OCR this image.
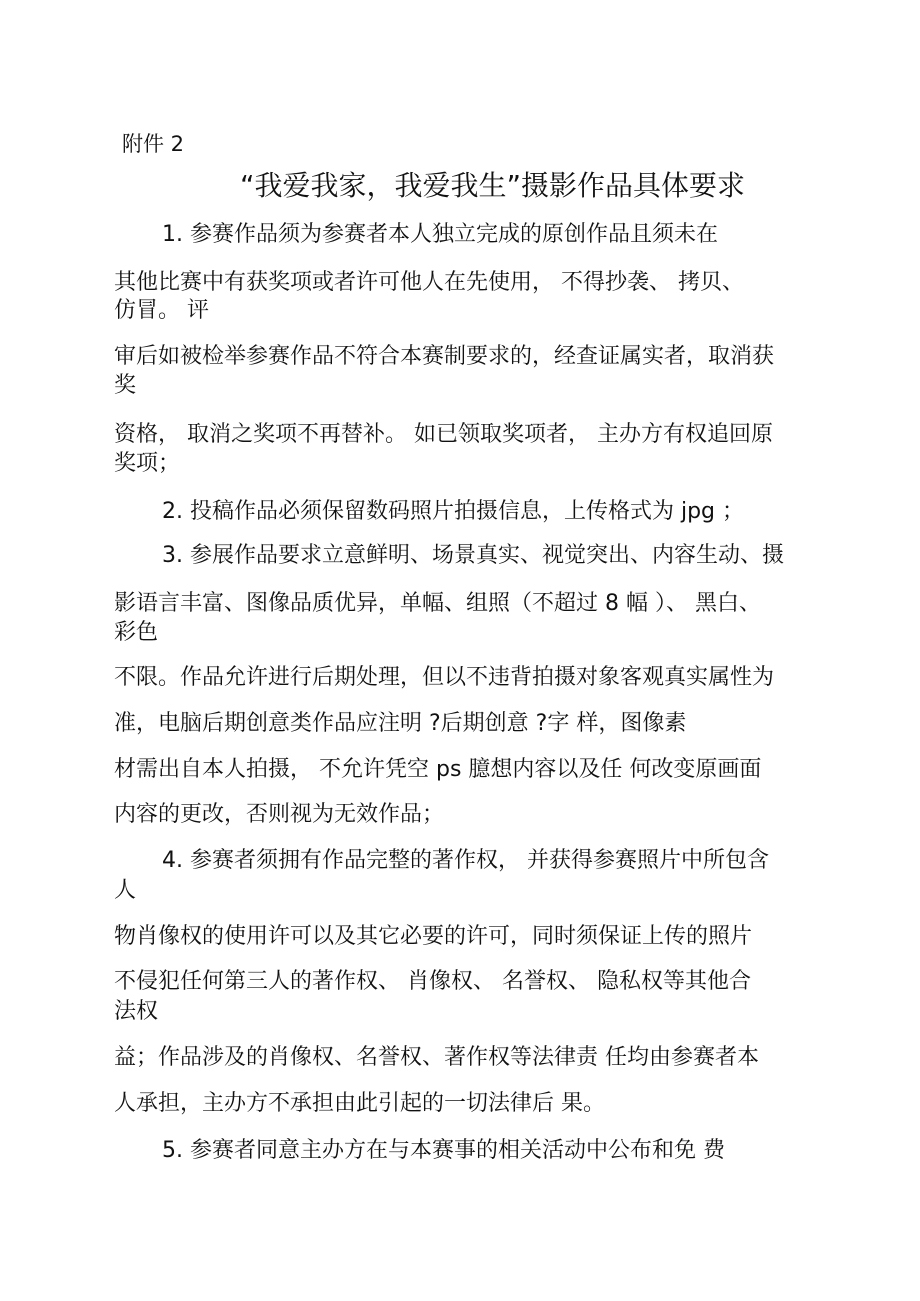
附件 2
“我爱我家，我爱我生”摄影作品具体要求
1. 参赛作品须为参赛者本人独立完成的原创作品且须未在
其他比赛中有获奖项或者许可他人在先使用， 不得抄袭、 拷贝、
仿冒。 评
审后如被检举参赛作品不符合本赛制要求的，经查证属实者，取消获
奖
资格， 取消之奖项不再替补。 如已领取奖项者， 主办方有权追回原
奖项；
2. 投稿作品必须保留数码照片拍摄信息，上传格式为 jpg ；
3. 参展作品要求立意鲜明、场景真实、视觉突出、内容生动、摄
影语言丰富、图像品质优异，单幅、组照（不超过 8 幅 ）、 黑白、
彩色
不限。作品允许进行后期处理，但以不违背拍摄对象客观真实属性为
准，电脑后期创意类作品应注明 ?后期创意 ?字 样，图像素
材需出自本人拍摄， 不允许凭空 ps 臆想内容以及任 何改变原画面
内容的更改，否则视为无效作品；
4. 参赛者须拥有作品完整的著作权， 并获得参赛照片中所包含
人
物肖像权的使用许可以及其它必要的许可，同时须保证上传的照片
不侵犯任何第三人的著作权、 肖像权、 名誉权、 隐私权等其他合
法权
益；作品涉及的肖像权、名誉权、著作权等法律责 任均由参赛者本
人承担，主办方不承担由此引起的一切法律后 果。
5. 参赛者同意主办方在与本赛事的相关活动中公布和免 费
